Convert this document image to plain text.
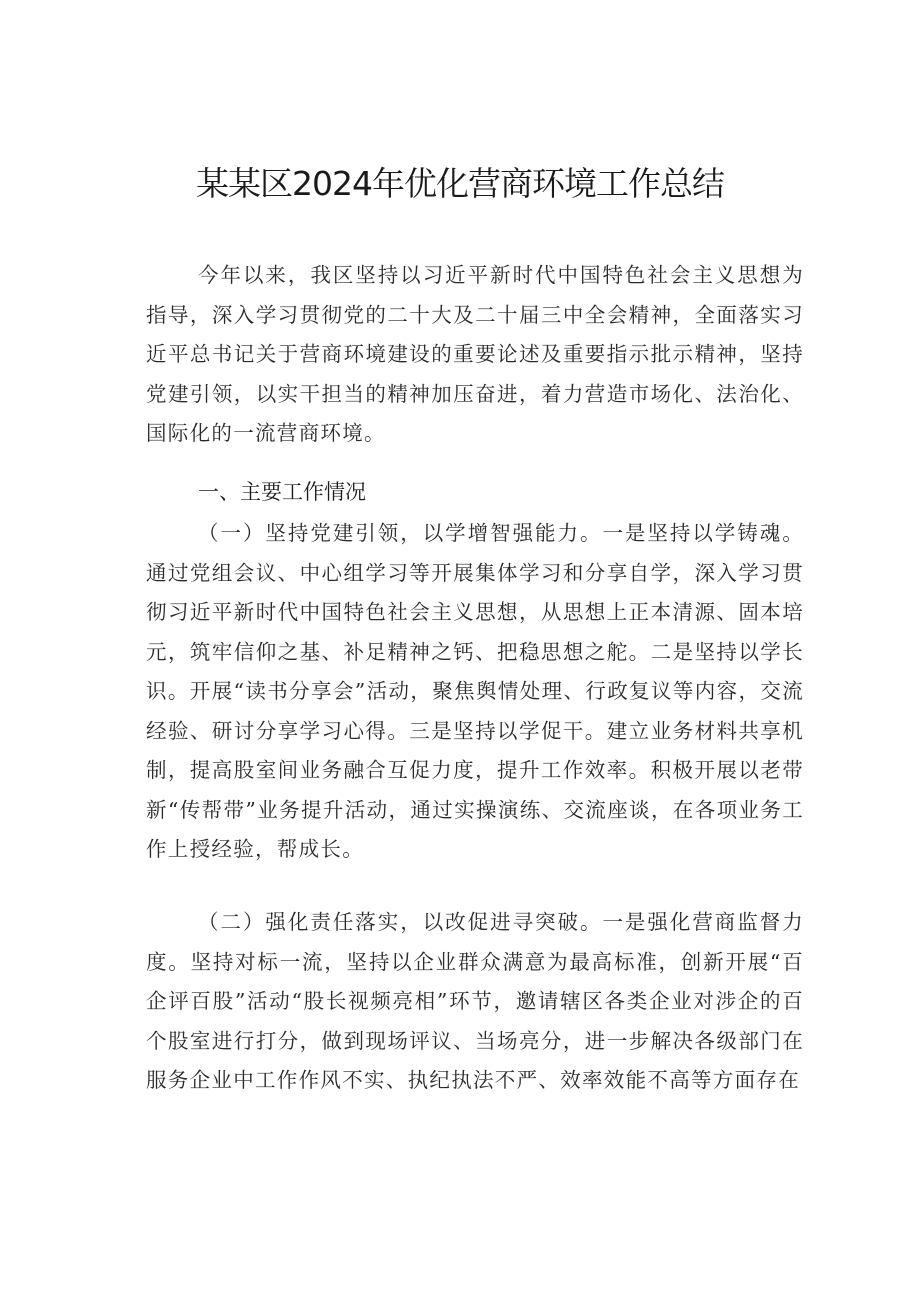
某某区2024年优化营商环境工作总结

今年以来，我区坚持以习近平新时代中国特色社会主义思想为指导，深入学习贯彻党的二十大及二十届三中全会精神，全面落实习近平总书记关于营商环境建设的重要论述及重要指示批示精神，坚持党建引领，以实干担当的精神加压奋进，着力营造市场化、法治化、国际化的一流营商环境。

一、主要工作情况

（一）坚持党建引领，以学增智强能力。一是坚持以学铸魂。通过党组会议、中心组学习等开展集体学习和分享自学，深入学习贯彻习近平新时代中国特色社会主义思想，从思想上正本清源、固本培元，筑牢信仰之基、补足精神之钙、把稳思想之舵。二是坚持以学长识。开展“读书分享会”活动，聚焦舆情处理、行政复议等内容，交流经验、研讨分享学习心得。三是坚持以学促干。建立业务材料共享机制，提高股室间业务融合互促力度，提升工作效率。积极开展以老带新“传帮带”业务提升活动，通过实操演练、交流座谈，在各项业务工作上授经验，帮成长。

（二）强化责任落实，以改促进寻突破。一是强化营商监督力度。坚持对标一流，坚持以企业群众满意为最高标准，创新开展“百企评百股”活动“股长视频亮相”环节，邀请辖区各类企业对涉企的百个股室进行打分，做到现场评议、当场亮分，进一步解决各级部门在服务企业中工作作风不实、执纪执法不严、效率效能不高等方面存在
